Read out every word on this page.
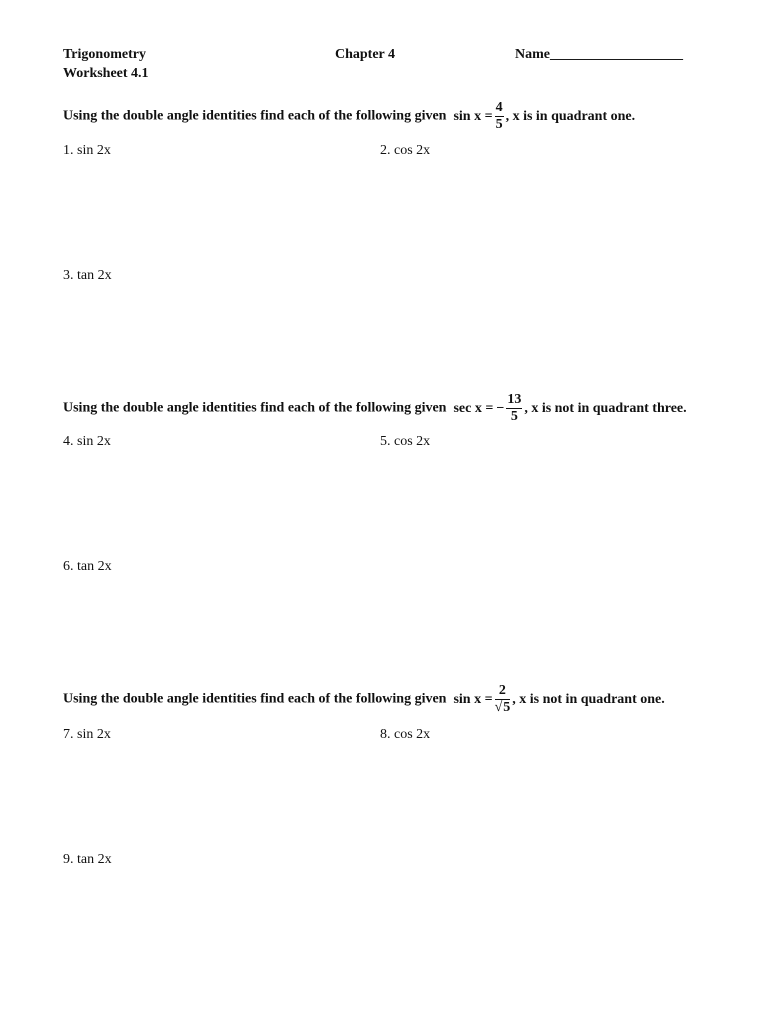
Trigonometry
Worksheet 4.1
Chapter 4	Name___________________
Using the double angle identities find each of the following given $\sin x = \frac{4}{5}$ , x is in quadrant one.
1. sin 2x	2. cos 2x
3. tan 2x
Using the double angle identities find each of the following given sec x = − $\frac{13}{5}$ , x is not in quadrant three.
4. sin 2x	5. cos 2x
6. tan 2x
Using the double angle identities find each of the following given $\sin x = \frac{2}{√5}$ , x is not in quadrant one.
7. sin 2x	8. cos 2x
9. tan 2x
